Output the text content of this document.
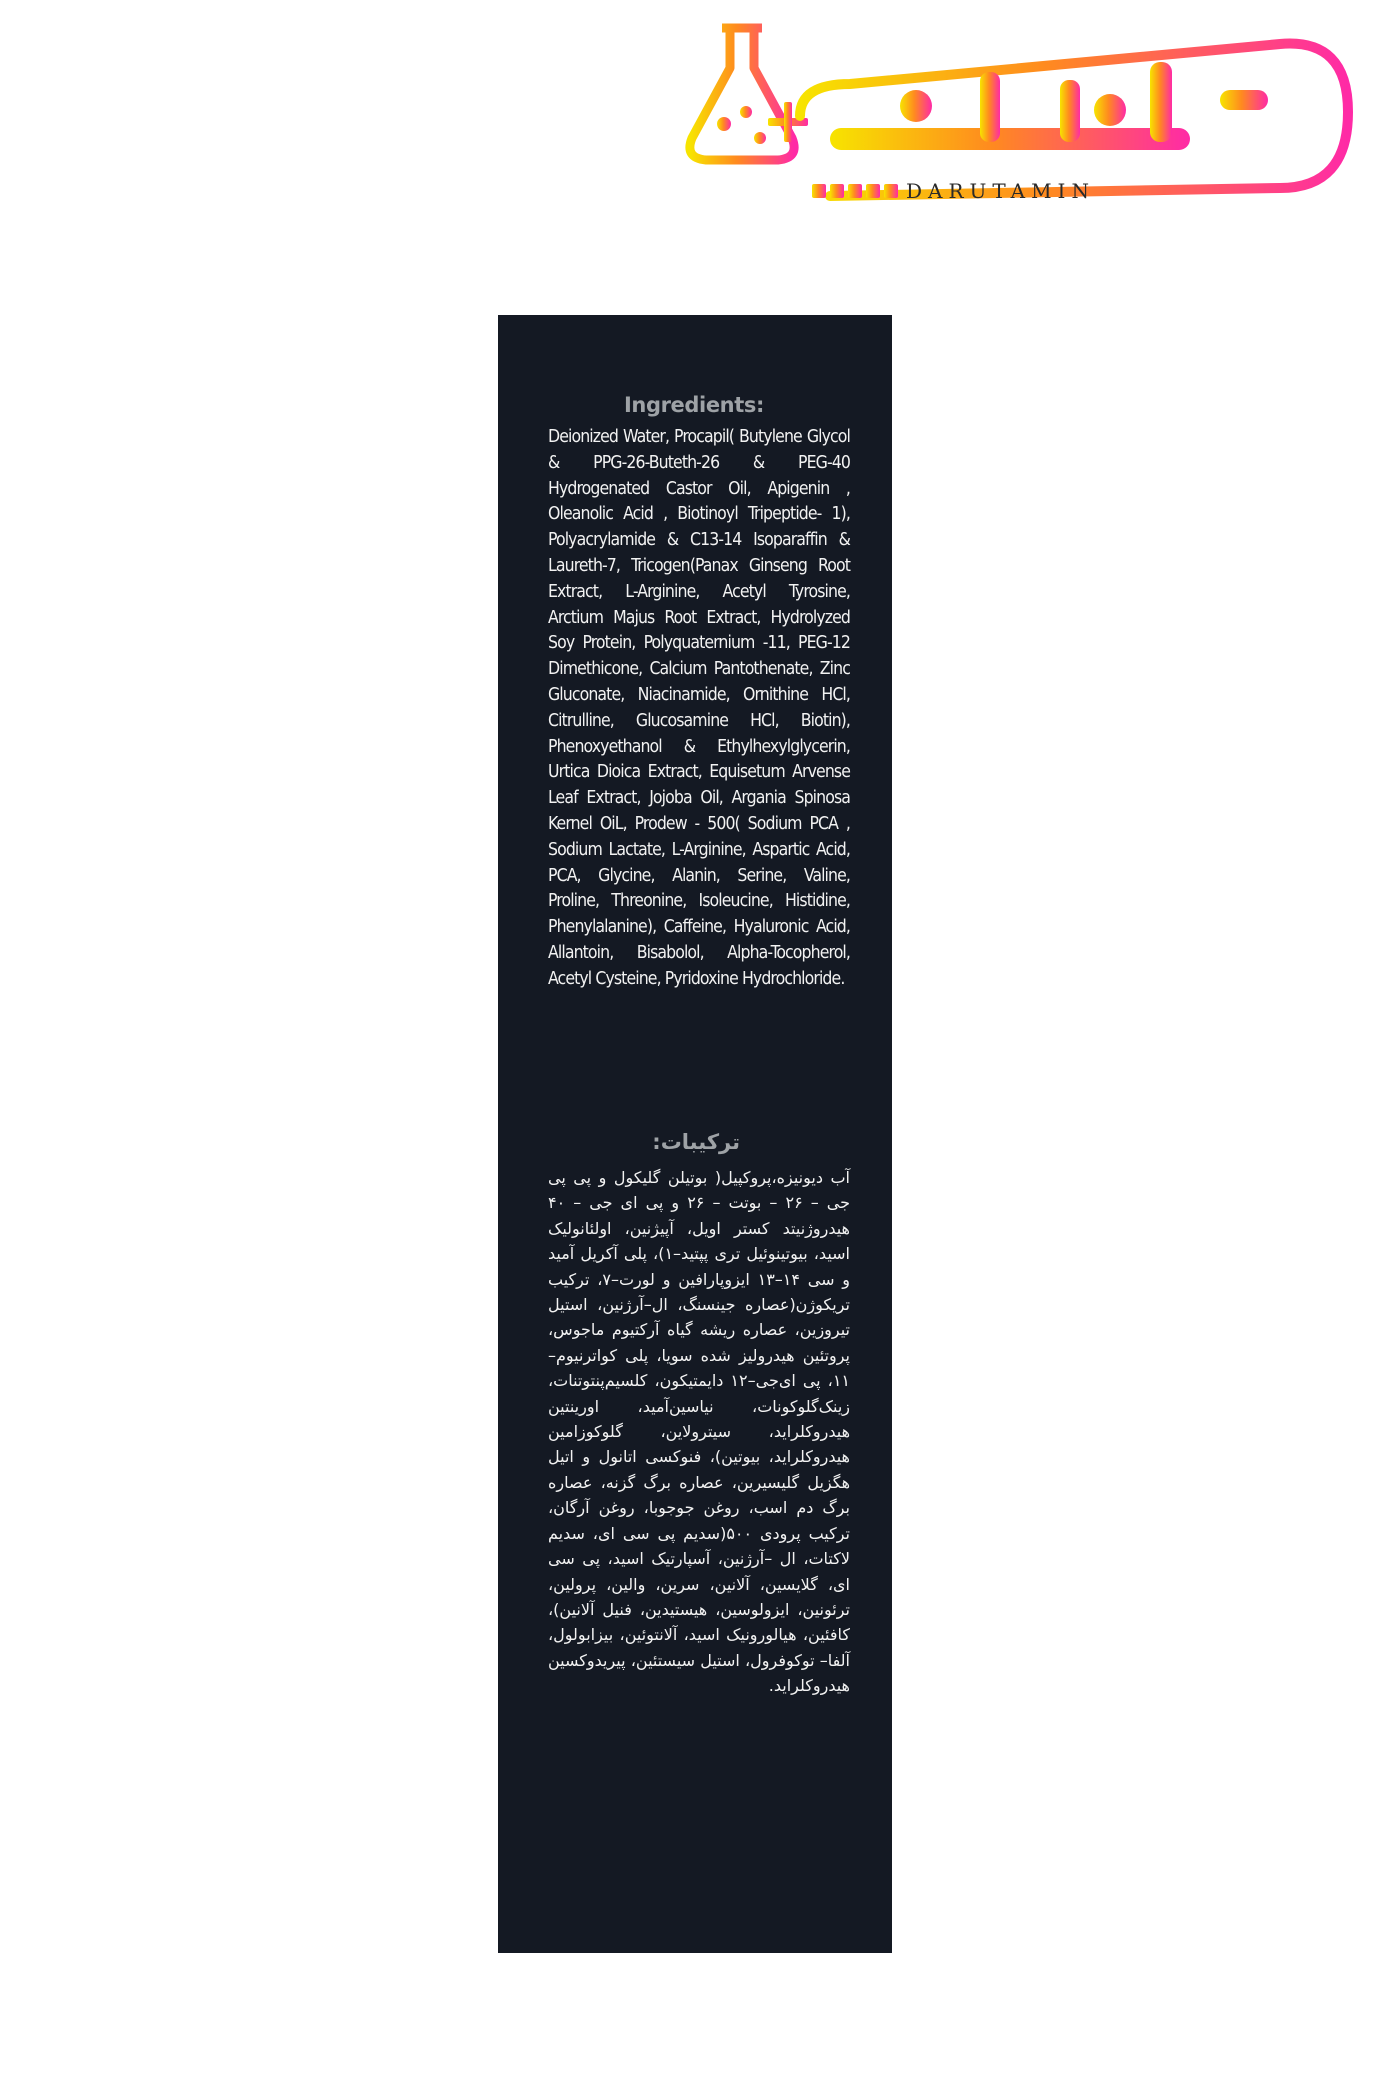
DARUTAMIN
Ingredients:
Deionized Water, Procapil( Butylene Glycol & PPG-26-Buteth-26 & PEG-40 Hydrogenated Castor Oil, Apigenin , Oleanolic Acid , Biotinoyl Tripeptide- 1), Polyacrylamide & C13-14 Isoparaffin & Laureth-7, Tricogen(Panax Ginseng Root Extract, L-Arginine, Acetyl Tyrosine, Arctium Majus Root Extract, Hydrolyzed Soy Protein, Polyquaternium -11, PEG-12 Dimethicone, Calcium Pantothenate, Zinc Gluconate, Niacinamide, Ornithine HCl, Citrulline, Glucosamine HCl, Biotin), Phenoxyethanol & Ethylhexylglycerin, Urtica Dioica Extract, Equisetum Arvense Leaf Extract, Jojoba Oil, Argania Spinosa Kernel OiL, Prodew - 500( Sodium PCA , Sodium Lactate, L-Arginine, Aspartic Acid, PCA, Glycine, Alanin, Serine, Valine, Proline, Threonine, Isoleucine, Histidine, Phenylalanine), Caffeine, Hyaluronic Acid, Allantoin, Bisabolol, Alpha-Tocopherol, Acetyl Cysteine, Pyridoxine Hydrochloride.
ترکیبات:
آب دیونیزه،پروکپیل( بوتیلن گلیکول و پی پی جی – ۲۶ – بوتت – ۲۶ و پی ای جی – ۴۰ هیدروژنیتد کستر اویل، آپیژنین، اولئانولیک اسید، بیوتینوئیل تری پپتید–۱)، پلی آکریل آمید و سی ۱۴–۱۳ ایزوپارافین و لورت–۷، ترکیب تریکوژن(عصاره جینسنگ، ال–آرژنین، استیل تیروزین، عصاره ریشه گیاه آرکتیوم ماجوس، پروتئین هیدرولیز شده سویا، پلی کواترنیوم– ۱۱، پی ای‌جی–۱۲ دایمتیکون، کلسیم‌پنتوتنات، زینک‌گلوکونات، نیاسین‌آمید، اورینتین هیدروکلراید، سیترولاین، گلوکوزامین هیدروکلراید، بیوتین)، فنوکسی اتانول و اتیل هگزیل گلیسیرین، عصاره برگ گزنه، عصاره برگ دم اسب، روغن جوجوبا، روغن آرگان، ترکیب پرودی ۵۰۰(سدیم پی سی ای، سدیم لاکتات، ال –آرژنین، آسپارتیک اسید، پی سی ای، گلایسین، آلانین، سرین، والین، پرولین، ترئونین، ایزولوسین، هیستیدین، فنیل آلانین)، کافئین، هیالورونیک اسید، آلانتوئین، بیزابولول، آلفا– توکوفرول، استیل سیستئین، پیریدوکسین هیدروکلراید.
